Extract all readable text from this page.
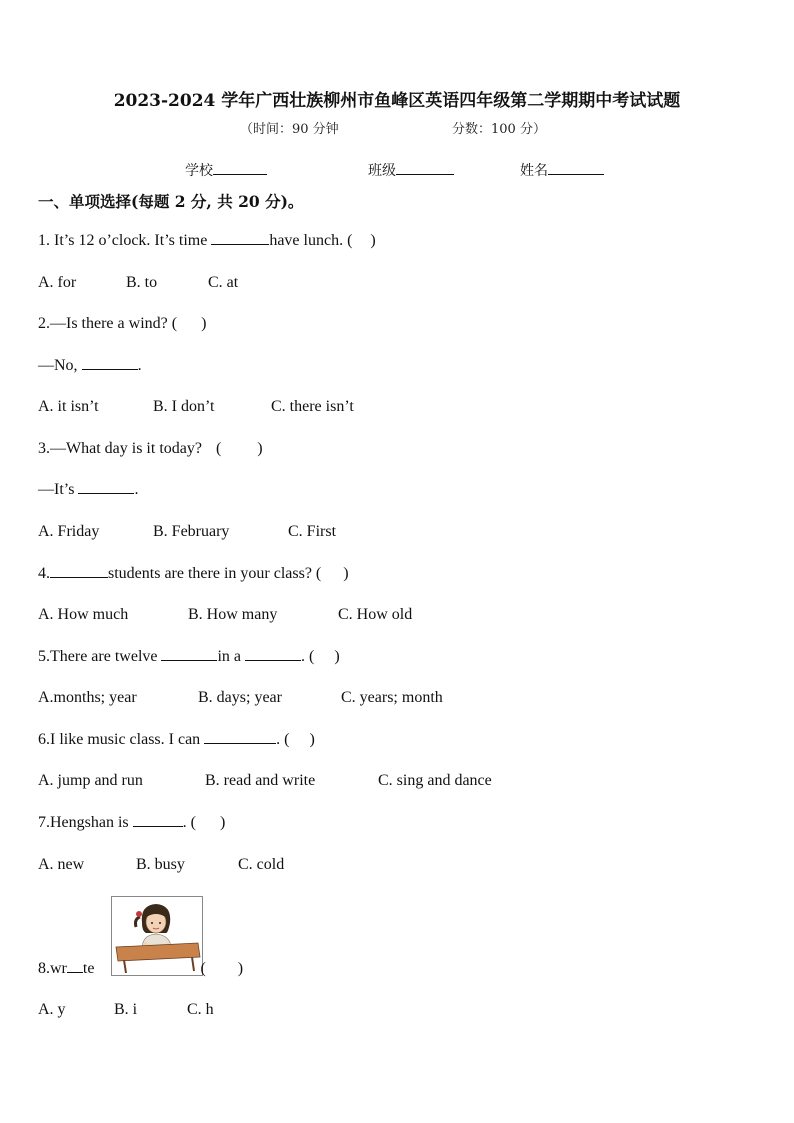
2023-2024 学年广西壮族柳州市鱼峰区英语四年级第二学期期中考试试题
（时间：90 分钟	分数：100 分）
学校	班级	姓名
一、单项选择(每题 2 分, 共 20 分)。
1. It’s 12 o’clock. It’s time	have lunch. ( )
A. for	B. to	C. at
2.—Is there a wind? ( )
—No,	.
A. it isn’t	B. I don’t	C. there isn’t
3.—What day is it today? ( )
—It’s	.
A. Friday	B. February	C. First
4.	students are there in your class? ( )
A. How much	B. How many	C. How old
5.There are twelve	in a	. ( )
A.months; year	B. days; year	C. years; month
6.I like music class. I can	. ( )
A. jump and run	B. read and write	C. sing and dance
7.Hengshan is	. ( )
A. new	B. busy	C. cold
8.wr te	( )
A. y	B. i	C. h
